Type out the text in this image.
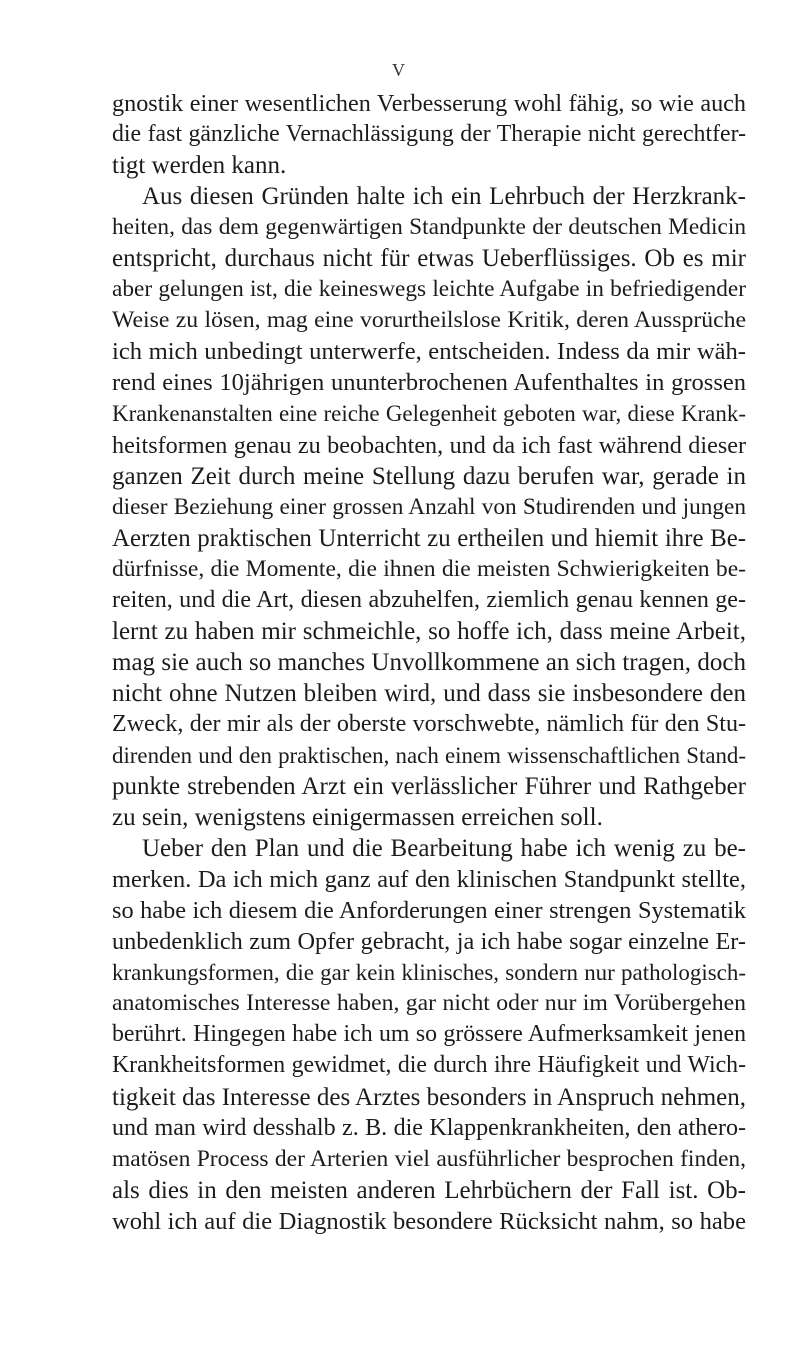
V
gnostik einer wesentlichen Verbesserung wohl fähig, so wie auch
die fast gänzliche Vernachlässigung der Therapie nicht gerechtfer-
tigt werden kann.
Aus diesen Gründen halte ich ein Lehrbuch der Herzkrank-
heiten, das dem gegenwärtigen Standpunkte der deutschen Medicin
entspricht, durchaus nicht für etwas Ueberflüssiges. Ob es mir
aber gelungen ist, die keineswegs leichte Aufgabe in befriedigender
Weise zu lösen, mag eine vorurtheilslose Kritik, deren Aussprüche
ich mich unbedingt unterwerfe, entscheiden. Indess da mir wäh-
rend eines 10jährigen ununterbrochenen Aufenthaltes in grossen
Krankenanstalten eine reiche Gelegenheit geboten war, diese Krank-
heitsformen genau zu beobachten, und da ich fast während dieser
ganzen Zeit durch meine Stellung dazu berufen war, gerade in
dieser Beziehung einer grossen Anzahl von Studirenden und jungen
Aerzten praktischen Unterricht zu ertheilen und hiemit ihre Be-
dürfnisse, die Momente, die ihnen die meisten Schwierigkeiten be-
reiten, und die Art, diesen abzuhelfen, ziemlich genau kennen ge-
lernt zu haben mir schmeichle, so hoffe ich, dass meine Arbeit,
mag sie auch so manches Unvollkommene an sich tragen, doch
nicht ohne Nutzen bleiben wird, und dass sie insbesondere den
Zweck, der mir als der oberste vorschwebte, nämlich für den Stu-
direnden und den praktischen, nach einem wissenschaftlichen Stand-
punkte strebenden Arzt ein verlässlicher Führer und Rathgeber
zu sein, wenigstens einigermassen erreichen soll.
Ueber den Plan und die Bearbeitung habe ich wenig zu be-
merken. Da ich mich ganz auf den klinischen Standpunkt stellte,
so habe ich diesem die Anforderungen einer strengen Systematik
unbedenklich zum Opfer gebracht, ja ich habe sogar einzelne Er-
krankungsformen, die gar kein klinisches, sondern nur pathologisch-
anatomisches Interesse haben, gar nicht oder nur im Vorübergehen
berührt. Hingegen habe ich um so grössere Aufmerksamkeit jenen
Krankheitsformen gewidmet, die durch ihre Häufigkeit und Wich-
tigkeit das Interesse des Arztes besonders in Anspruch nehmen,
und man wird desshalb z. B. die Klappenkrankheiten, den athero-
matösen Process der Arterien viel ausführlicher besprochen finden,
als dies in den meisten anderen Lehrbüchern der Fall ist. Ob-
wohl ich auf die Diagnostik besondere Rücksicht nahm, so habe
